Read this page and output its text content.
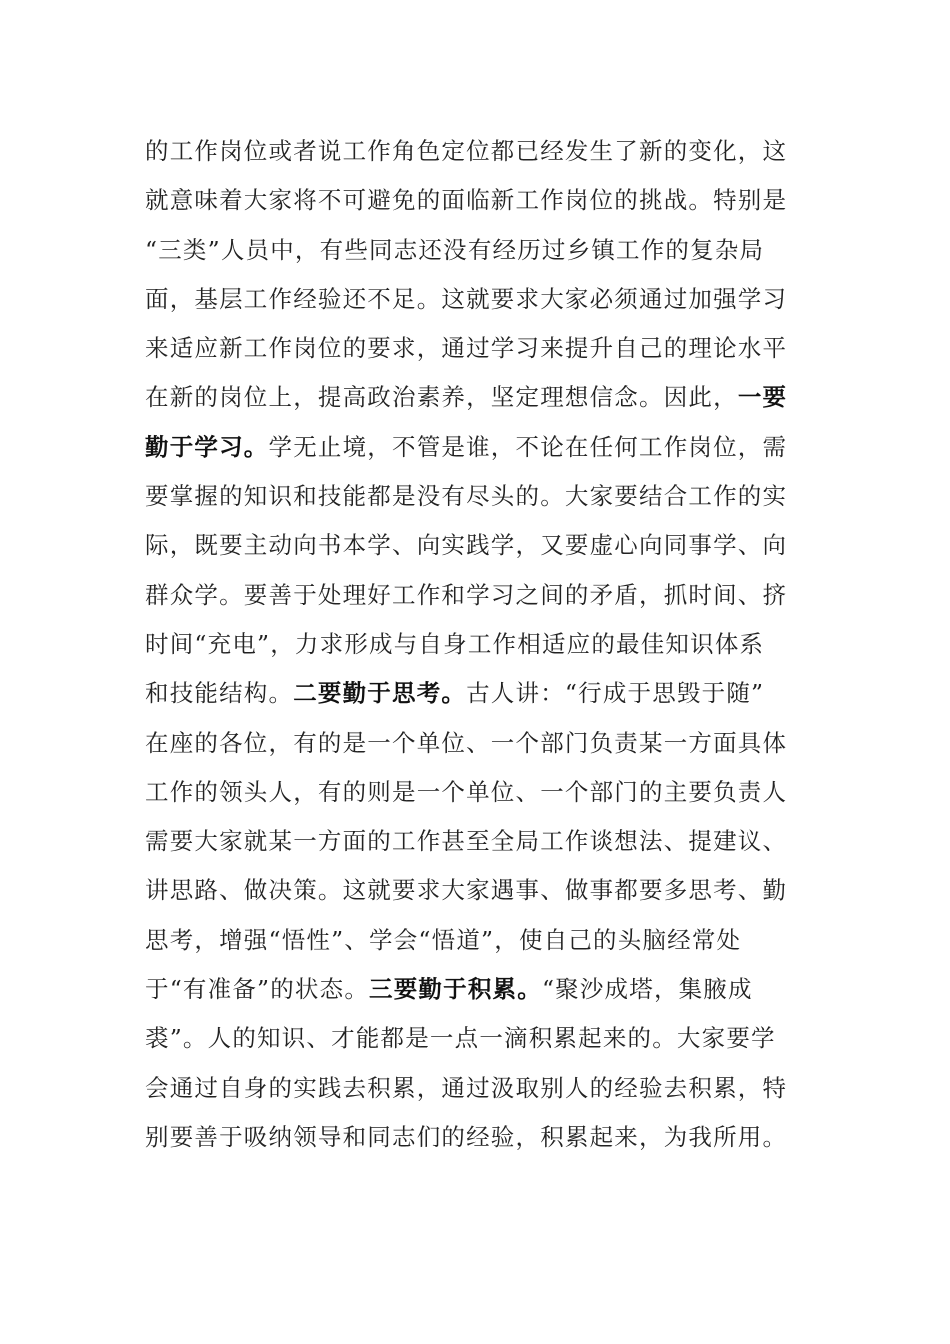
的工作岗位或者说工作角色定位都已经发生了新的变化，这
就意味着大家将不可避免的面临新工作岗位的挑战。特别是
“三类”人员中，有些同志还没有经历过乡镇工作的复杂局
面，基层工作经验还不足。这就要求大家必须通过加强学习
来适应新工作岗位的要求，通过学习来提升自己的理论水平
在新的岗位上，提高政治素养，坚定理想信念。因此，一要
勤于学习。学无止境，不管是谁，不论在任何工作岗位，需
要掌握的知识和技能都是没有尽头的。大家要结合工作的实
际，既要主动向书本学、向实践学，又要虚心向同事学、向
群众学。要善于处理好工作和学习之间的矛盾，抓时间、挤
时间“充电”，力求形成与自身工作相适应的最佳知识体系
和技能结构。二要勤于思考。古人讲：“行成于思毁于随”
在座的各位，有的是一个单位、一个部门负责某一方面具体
工作的领头人，有的则是一个单位、一个部门的主要负责人
需要大家就某一方面的工作甚至全局工作谈想法、提建议、
讲思路、做决策。这就要求大家遇事、做事都要多思考、勤
思考，增强“悟性”、学会“悟道”，使自己的头脑经常处
于“有准备”的状态。三要勤于积累。“聚沙成塔，集腋成
裘”。人的知识、才能都是一点一滴积累起来的。大家要学
会通过自身的实践去积累，通过汲取别人的经验去积累，特
别要善于吸纳领导和同志们的经验，积累起来，为我所用。
